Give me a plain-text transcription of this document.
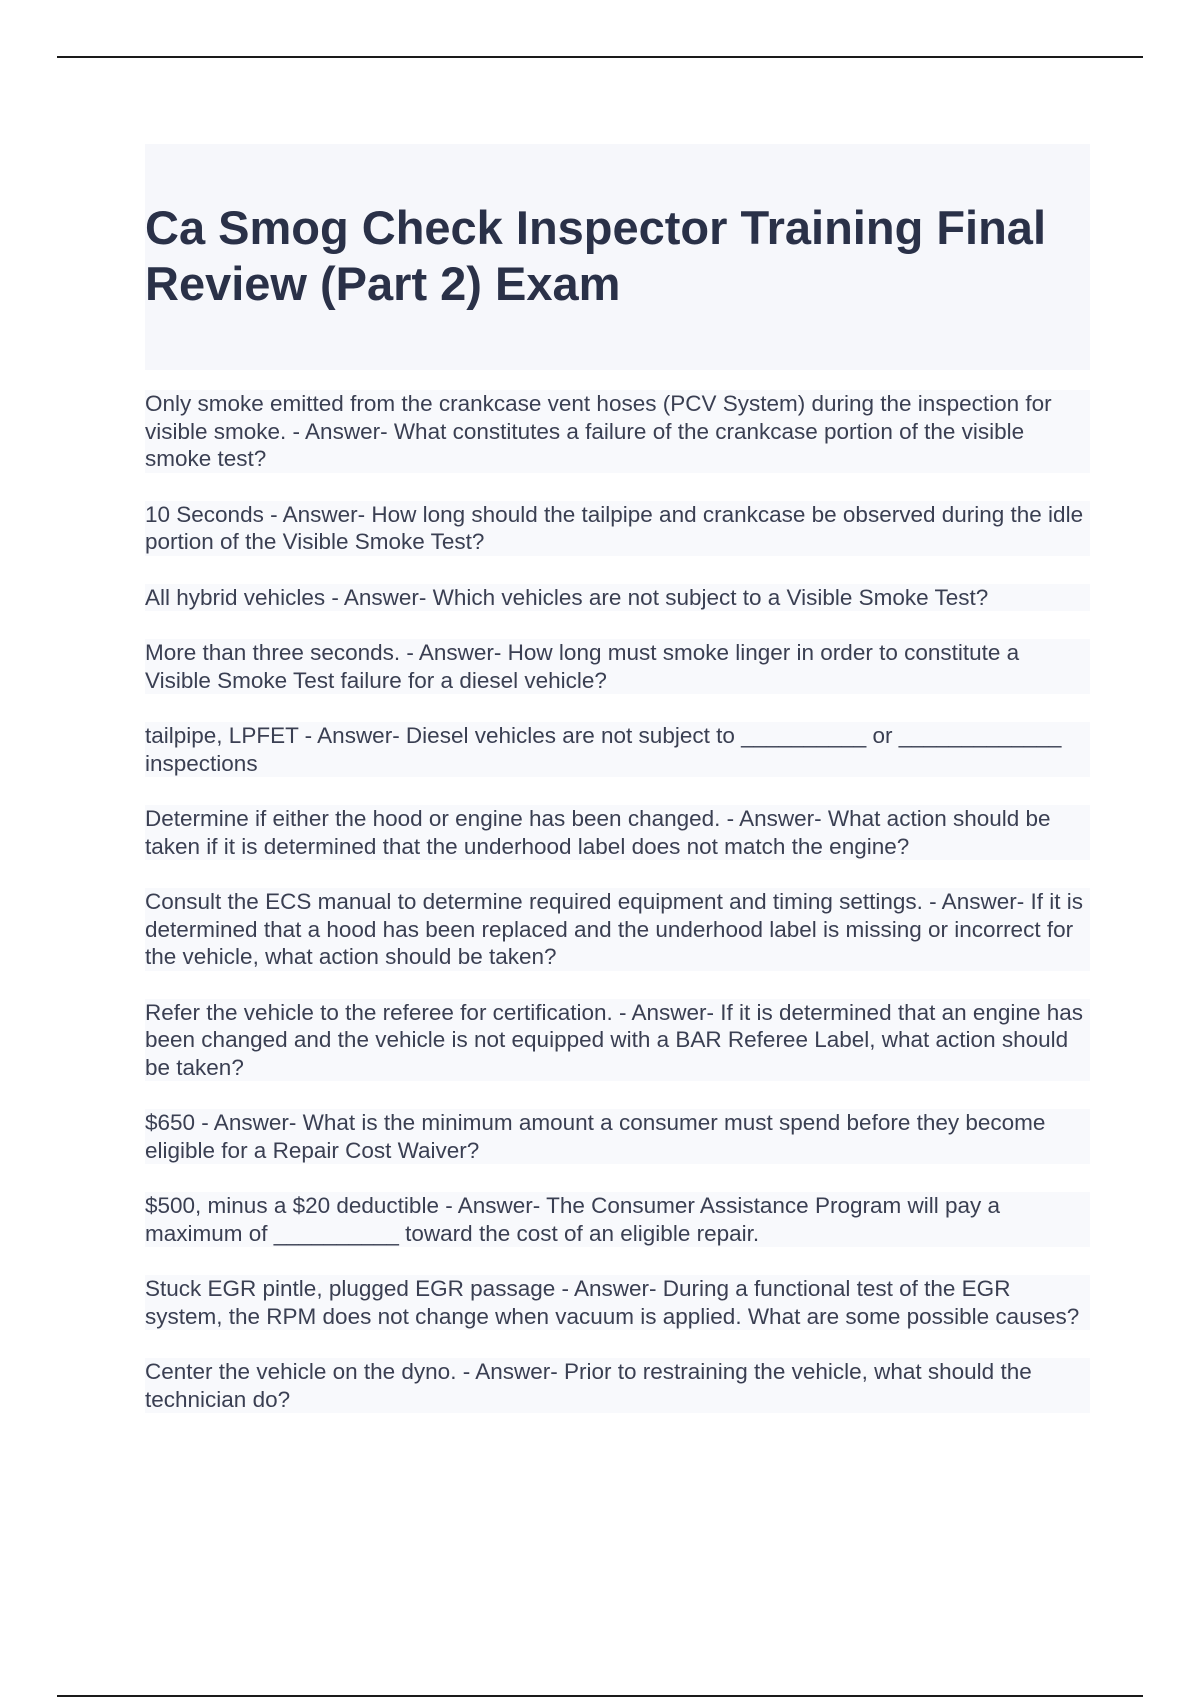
Ca Smog Check Inspector Training Final Review (Part 2) Exam
Only smoke emitted from the crankcase vent hoses (PCV System) during the inspection for visible smoke. - Answer- What constitutes a failure of the crankcase portion of the visible smoke test?
10 Seconds - Answer- How long should the tailpipe and crankcase be observed during the idle portion of the Visible Smoke Test?
All hybrid vehicles - Answer- Which vehicles are not subject to a Visible Smoke Test?
More than three seconds. - Answer- How long must smoke linger in order to constitute a Visible Smoke Test failure for a diesel vehicle?
tailpipe, LPFET - Answer- Diesel vehicles are not subject to __________ or _____________ inspections
Determine if either the hood or engine has been changed. - Answer- What action should be taken if it is determined that the underhood label does not match the engine?
Consult the ECS manual to determine required equipment and timing settings. - Answer- If it is determined that a hood has been replaced and the underhood label is missing or incorrect for the vehicle, what action should be taken?
Refer the vehicle to the referee for certification. - Answer- If it is determined that an engine has been changed and the vehicle is not equipped with a BAR Referee Label, what action should be taken?
$650 - Answer- What is the minimum amount a consumer must spend before they become eligible for a Repair Cost Waiver?
$500, minus a $20 deductible - Answer- The Consumer Assistance Program will pay a maximum of __________ toward the cost of an eligible repair.
Stuck EGR pintle, plugged EGR passage - Answer- During a functional test of the EGR system, the RPM does not change when vacuum is applied. What are some possible causes?
Center the vehicle on the dyno. - Answer- Prior to restraining the vehicle, what should the technician do?
